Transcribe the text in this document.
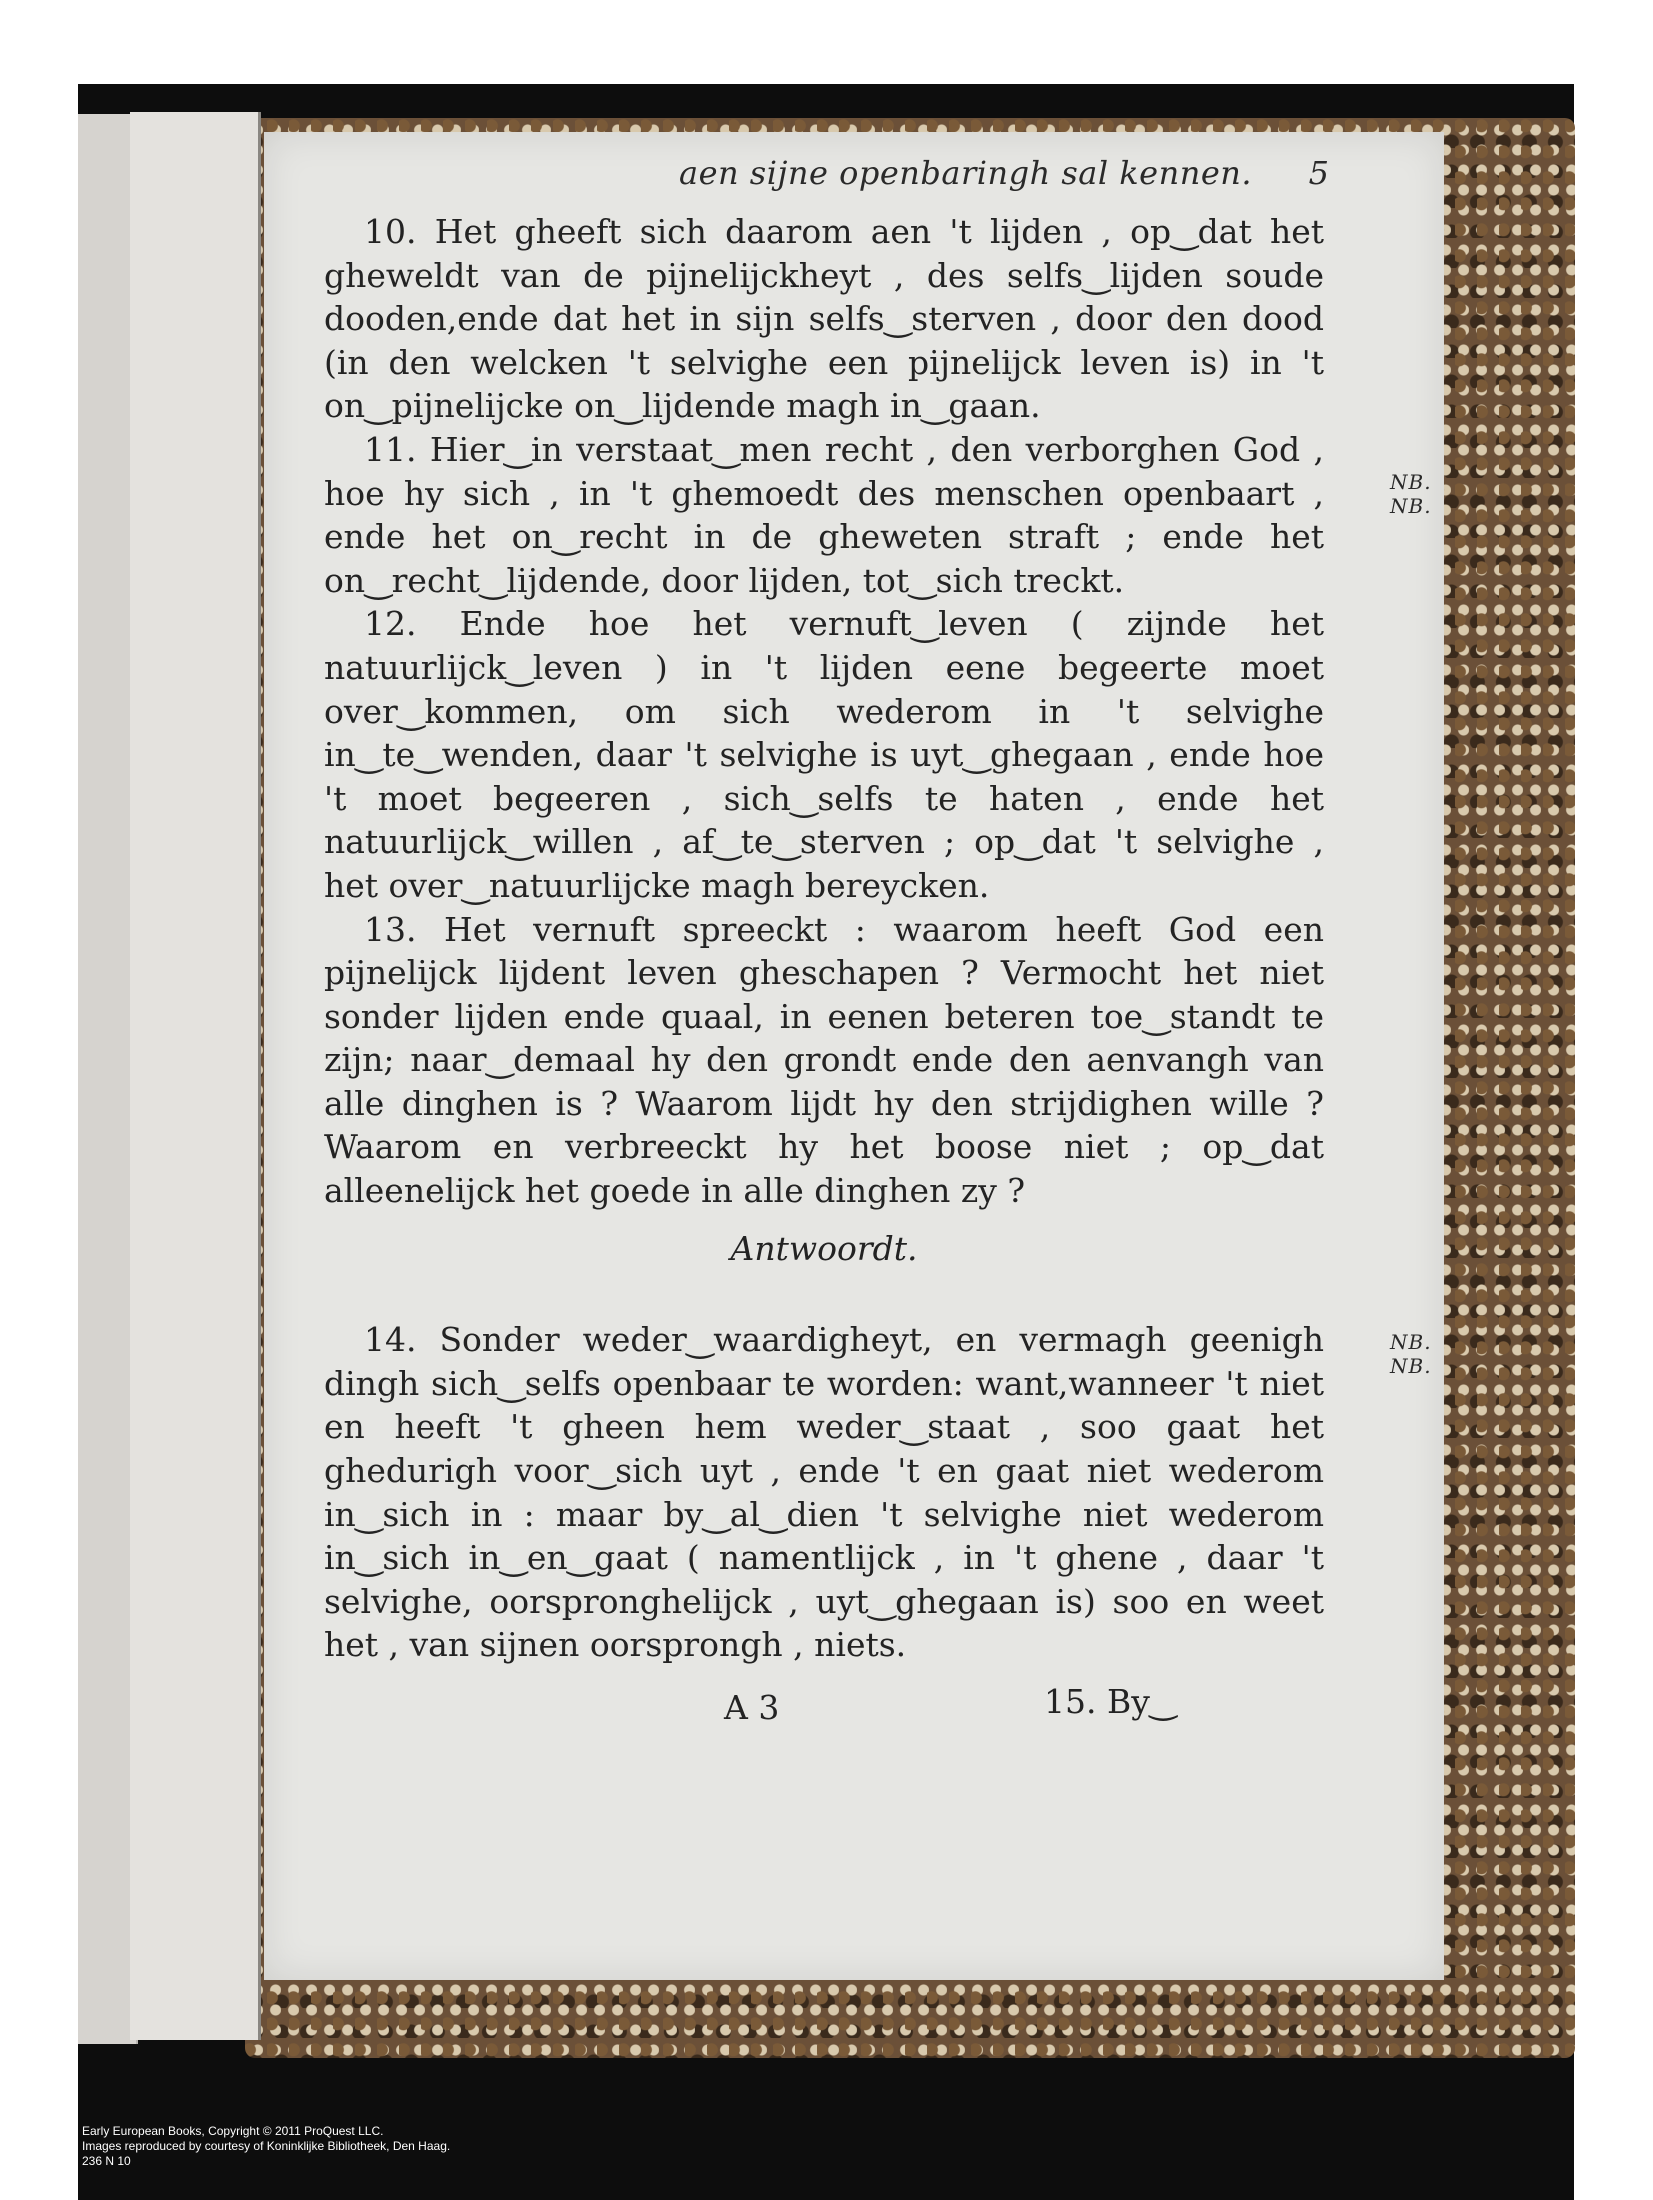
aen sijne openbaringh sal kennen. 5

10. Het gheeft sich daarom aen 't lijden , op‿dat het gheweldt van de pijnelijckheyt , des selfs‿lijden soude dooden,ende dat het in sijn selfs‿sterven , door den dood (in den welcken 't selvighe een pijnelijck leven is) in 't on‿pijnelijcke on‿lijdende magh in‿gaan.

11. Hier‿in verstaat‿men recht , den verborghen God , hoe hy sich , in 't ghemoedt des menschen openbaart , ende het on‿recht in de gheweten straft ; ende het on‿recht‿lijdende, door lijden, tot‿sich treckt.

12. Ende hoe het vernuft‿leven ( zijnde het natuurlijck‿leven ) in 't lijden eene begeerte moet over‿kommen, om sich wederom in 't selvighe in‿te‿wenden, daar 't selvighe is uyt‿ghegaan , ende hoe 't moet begeeren , sich‿selfs te haten , ende het natuurlijck‿willen , af‿te‿sterven ; op‿dat 't selvighe , het over‿natuurlijcke magh bereycken.

13. Het vernuft spreeckt : waarom heeft God een pijnelijck lijdent leven gheschapen ? Vermocht het niet sonder lijden ende quaal, in eenen beteren toe‿standt te zijn; naar‿demaal hy den grondt ende den aenvangh van alle dinghen is ? Waarom lijdt hy den strijdighen wille ? Waarom en verbreeckt hy het boose niet ; op‿dat alleenelijck het goede in alle dinghen zy ?

Antwoordt.

14. Sonder weder‿waardigheyt, en vermagh geenigh dingh sich‿selfs openbaar te worden: want,wanneer 't niet en heeft 't gheen hem weder‿staat , soo gaat het ghedurigh voor‿sich uyt , ende 't en gaat niet wederom in‿sich in : maar by‿al‿dien 't selvighe niet wederom in‿sich in‿en‿gaat ( namentlijck , in 't ghene , daar 't selvighe, oorspronghelijck , uyt‿ghegaan is) soo en weet het , van sijnen oorsprongh , niets.

NB. NB.
NB. NB.
A 3	15. By‿
Early European Books, Copyright © 2011 ProQuest LLC.
Images reproduced by courtesy of Koninklijke Bibliotheek, Den Haag.
236 N 10
